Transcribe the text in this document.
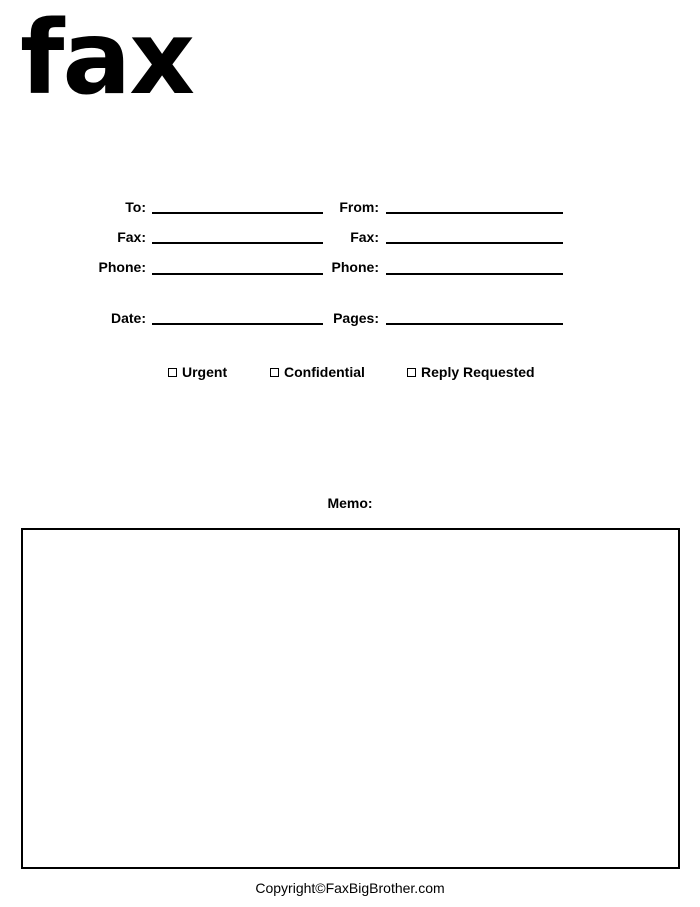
fax
To:	From:
Fax:	Fax:
Phone:	Phone:
Date:	Pages:
Urgent	Confidential	Reply Requested
Memo:
Copyright©FaxBigBrother.com
